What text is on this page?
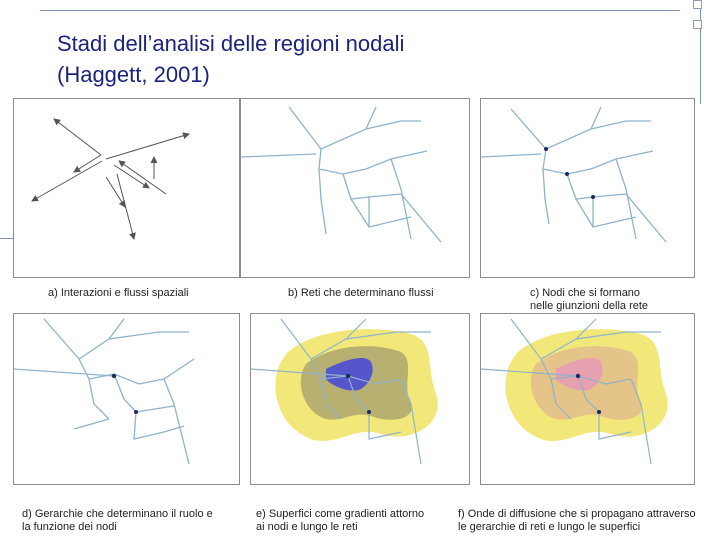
Stadi dell’analisi delle regioni nodali
(Haggett, 2001)
a) Interazioni e flussi spaziali	b) Reti che determinano flussi	c) Nodi che si formano
nelle giunzioni della rete
d) Gerarchie che determinano il ruolo e
la funzione dei nodi
e) Superfici come gradienti attorno
ai nodi e lungo le reti
f) Onde di diffusione che si propagano attraverso
le gerarchie di reti e lungo le superfici
